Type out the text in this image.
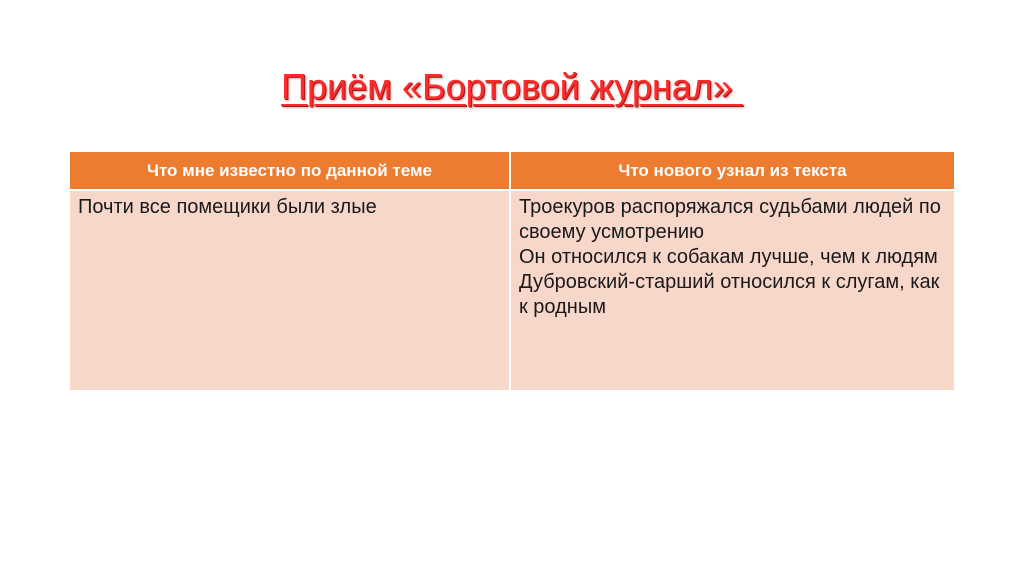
Приём «Бортовой журнал»
Что мне известно по данной теме	Что нового узнал из текста

Почти все помещики были злые	Троекуров распоряжался судьбами людей по своему усмотрению
Он относился к собакам лучше, чем к людям
Дубровский-старший относился к слугам, как к родным
